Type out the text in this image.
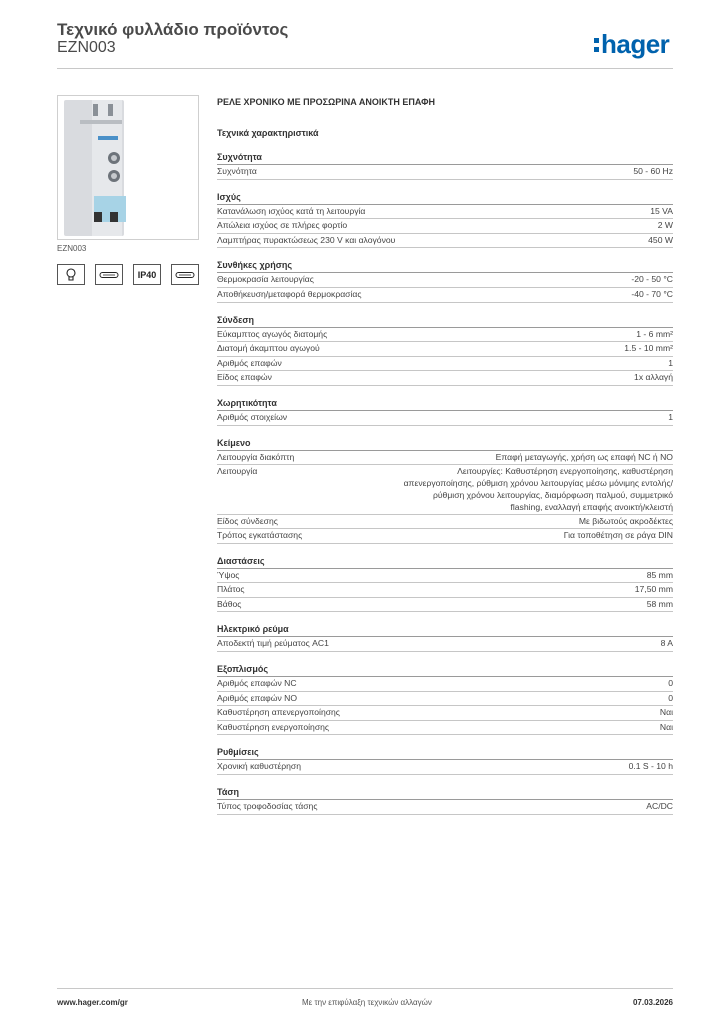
Τεχνικό φυλλάδιο προϊόντος
EZN003	hager
EZN003
IP40
ΡΕΛΕ ΧΡΟΝΙΚΟ ΜΕ ΠΡΟΣΩΡΙΝΑ ΑΝΟΙΚΤΗ ΕΠΑΦΗ
Τεχνικά χαρακτηριστικά
Συχνότητα
Συχνότητα	50 - 60 Hz
Ισχύς
Κατανάλωση ισχύος κατά τη λειτουργία	15 VA
Απώλεια ισχύος σε πλήρες φορτίο	2 W
Λαμπτήρας πυρακτώσεως 230 V και αλογόνου	450 W
Συνθήκες χρήσης
Θερμοκρασία λειτουργίας	-20 - 50 °C
Αποθήκευση/μεταφορά θερμοκρασίας	-40 - 70 °C
Σύνδεση
Εύκαμπτος αγωγός διατομής	1 - 6 mm²
Διατομή άκαμπτου αγωγού	1.5 - 10 mm²
Αριθμός επαφών	1
Είδος επαφών	1x αλλαγή
Χωρητικότητα
Αριθμός στοιχείων	1
Κείμενο
Λειτουργία διακόπτη	Επαφή μεταγωγής, χρήση ως επαφή NC ή NO
Λειτουργία	Λειτουργίες: Καθυστέρηση ενεργοποίησης, καθυστέρηση απενεργοποίησης, ρύθμιση χρόνου λειτουργίας μέσω μόνιμης εντολής/ρύθμιση χρόνου λειτουργίας, διαμόρφωση παλμού, συμμετρικό flashing, εναλλαγή επαφής ανοικτή/κλειστή
Είδος σύνδεσης	Με βιδωτούς ακροδέκτες
Τρόπος εγκατάστασης	Για τοποθέτηση σε ράγα DIN
Διαστάσεις
Ύψος	85 mm
Πλάτος	17,50 mm
Βάθος	58 mm
Ηλεκτρικό ρεύμα
Αποδεκτή τιμή ρεύματος AC1	8 A
Εξοπλισμός
Αριθμός επαφών NC	0
Αριθμός επαφών NO	0
Καθυστέρηση απενεργοποίησης	Ναι
Καθυστέρηση ενεργοποίησης	Ναι
Ρυθμίσεις
Χρονική καθυστέρηση	0.1 S - 10 h
Τάση
Τύπος τροφοδοσίας τάσης	AC/DC
www.hager.com/gr	Με την επιφύλαξη τεχνικών αλλαγών	07.03.2026
